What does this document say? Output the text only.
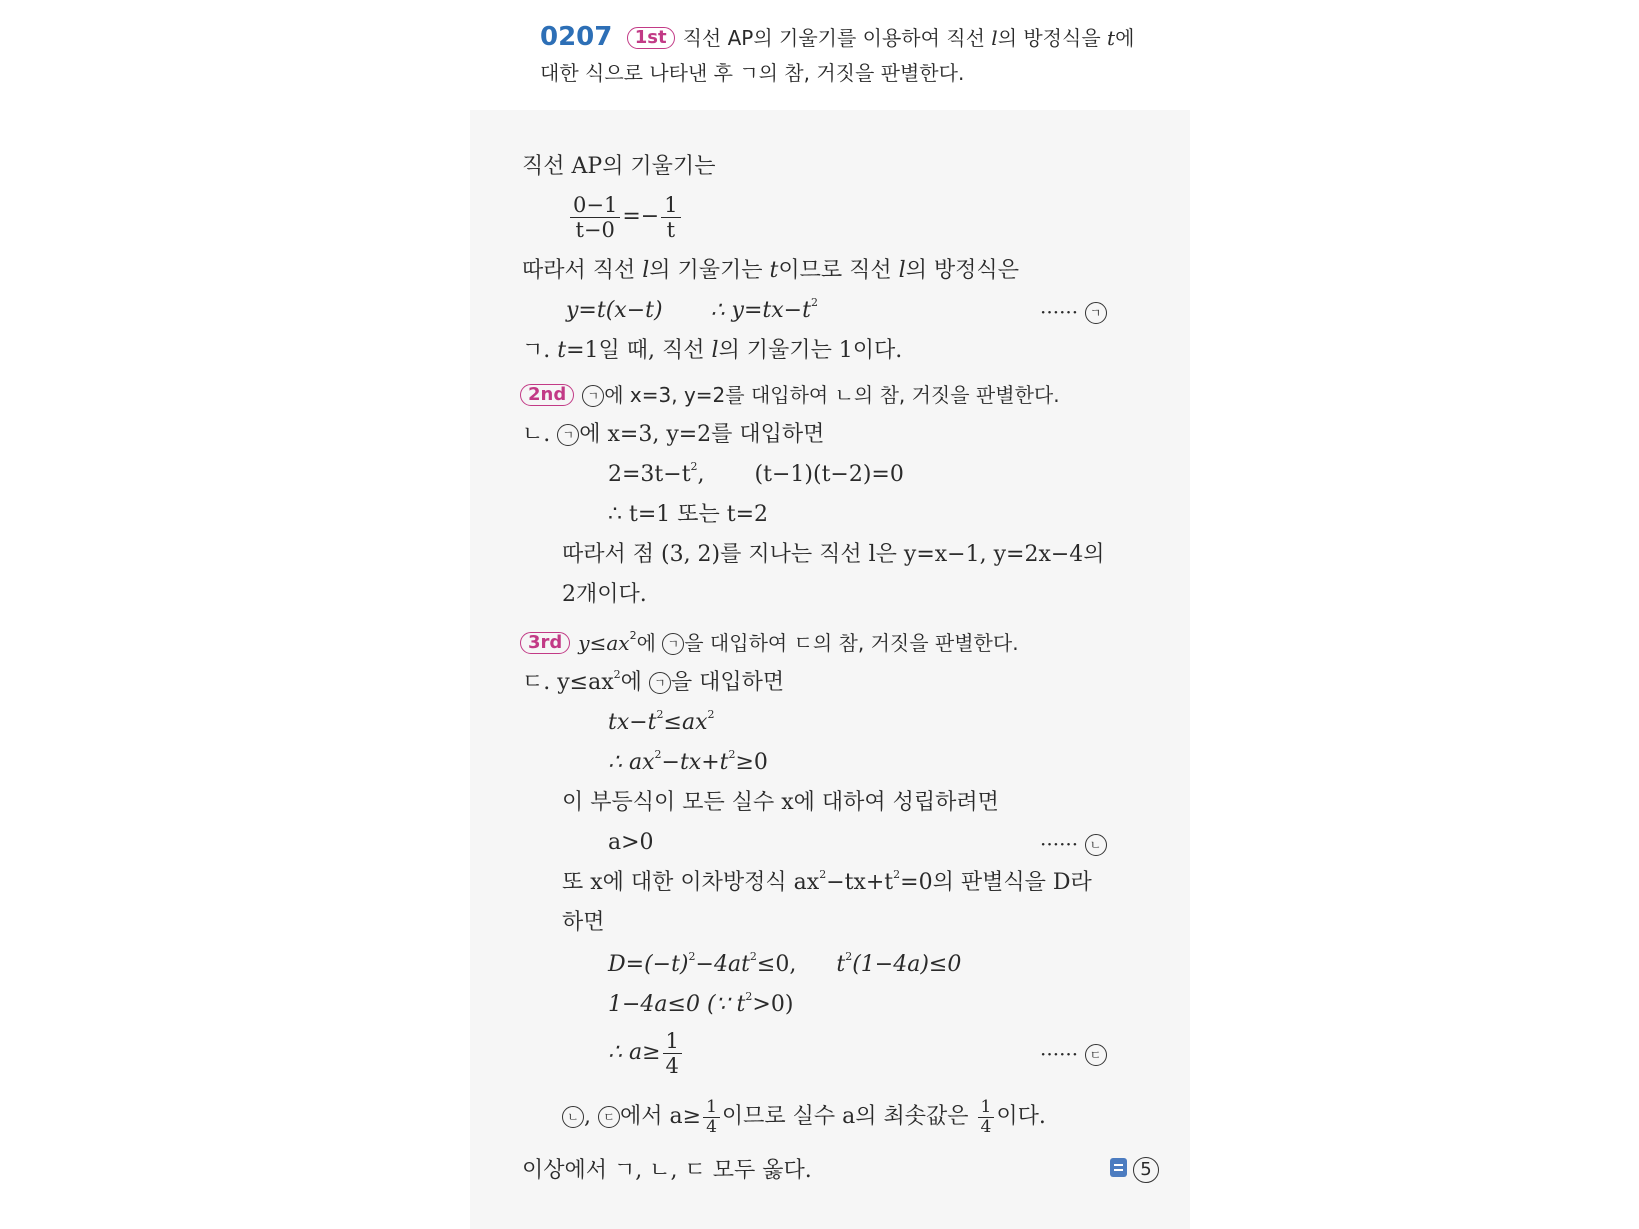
0207 1st 직선 AP의 기울기를 이용하여 직선 l의 방정식을 t에
대한 식으로 나타낸 후 ㄱ의 참, 거짓을 판별한다.
직선 AP의 기울기는
$\frac{0-1}{t-0} =- \frac{1}{t}$
따라서 직선 l의 기울기는 t이므로 직선 l의 방정식은
y=t(x−t) ∴ $y=tx-t^2$	······ ㄱ
ㄱ. t=1일 때, 직선 l의 기울기는 1이다.
2nd ㄱ 에 x=3, y=2를 대입하여 ㄴ의 참, 거짓을 판별한다.
ㄴ. ㄱ 에 x=3, y=2를 대입하면
$2=3t-t^2$, (t−1)(t−2)=0
∴ t=1 또는 t=2
따라서 점 (3, 2)를 지나는 직선 l은 y=x−1, y=2x−4의
2개이다.
3rd $y\le ax^2$에 ㄱ 을 대입하여 ㄷ의 참, 거짓을 판별한다.
ㄷ. $y\le ax^2$에 ㄱ 을 대입하면
$tx-t^2\le ax^2$
∴ $ax^2-tx+t^2\ge 0$
이 부등식이 모든 실수 x에 대하여 성립하려면
a>0	······ ㄴ
또 x에 대한 이차방정식 $ax^2-tx+t^2=0$의 판별식을 D라
하면
$D=(-t)^2-4at^2\le 0$, $t^2(1-4a)\le 0$
1−4a≤0 (∵ $t^2>0$)
∴ $a\ge \frac{1}{4}$	······ ㄷ
ㄴ , ㄷ 에서 $a\ge \frac{1}{4}$ 이므로 실수 a의 최솟값은 $\frac{1}{4}$ 이다.
이상에서 ㄱ, ㄴ, ㄷ 모두 옳다.	5
